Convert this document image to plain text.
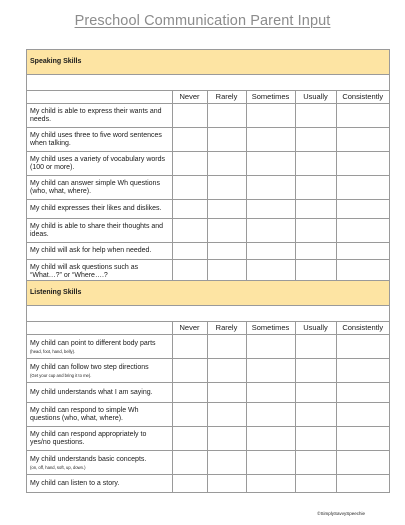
Preschool Communication Parent Input
Speaking Skills
	Never	Rarely	Sometimes	Usually	Consistently
My child is able to express their wants and needs.					
My child uses three to five word sentences when talking.					
My child uses a variety of vocabulary words (100 or more).					
My child can answer simple Wh questions (who, what, where).					
My child expresses their likes and dislikes.					
My child is able to share their thoughts and ideas.					
My child will ask for help when needed.					
My child will ask questions such as “What…?” or “Where….?					
Listening Skills
	Never	Rarely	Sometimes	Usually	Consistently
My child can point to different body parts
(head, foot, hand, belly).					

My child can follow two step directions
(Get your cup and bring it to me).					

My child understands what I am saying.					
My child can respond to simple Wh questions (who, what, where).					
My child can respond appropriately to yes/no questions.					
My child understands basic concepts.
(on, off, hand, soft, up, down.)					

My child can listen to a story.					
©SimplySavvySpeechie
